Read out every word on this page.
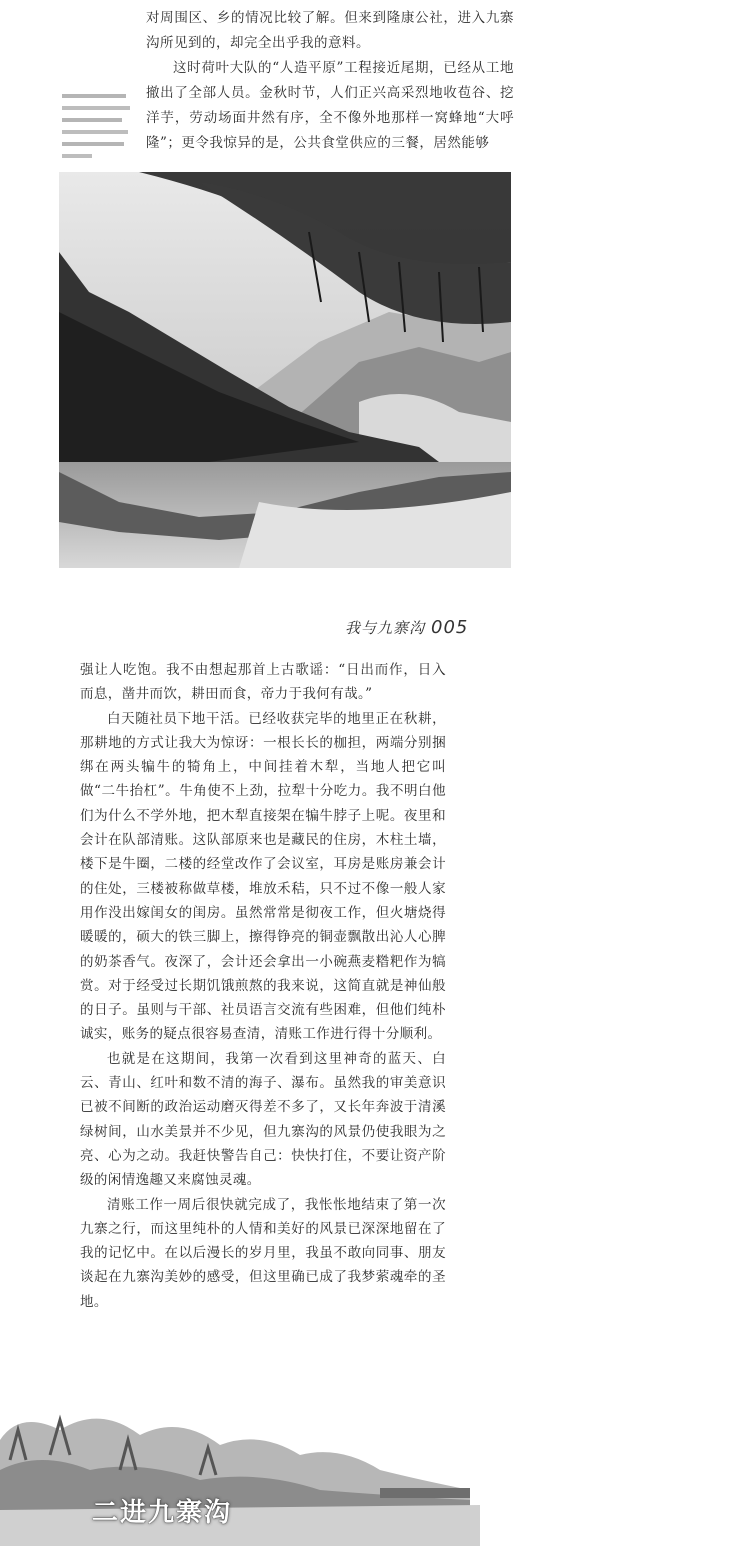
对周围区、乡的情况比较了解。但来到隆康公社，进入九寨沟所见到的，却完全出乎我的意料。

这时荷叶大队的“人造平原”工程接近尾期，已经从工地撤出了全部人员。金秋时节，人们正兴高采烈地收苞谷、挖洋芋，劳动场面井然有序，全不像外地那样一窝蜂地“大呼隆”；更令我惊异的是，公共食堂供应的三餐，居然能够

我与九寨沟 005

强让人吃饱。我不由想起那首上古歌谣：“日出而作，日入而息，凿井而饮，耕田而食，帝力于我何有哉。”

白天随社员下地干活。已经收获完毕的地里正在秋耕，那耕地的方式让我大为惊讶：一根长长的枷担，两端分别捆绑在两头犏牛的犄角上，中间挂着木犁，当地人把它叫做“二牛抬杠”。牛角使不上劲，拉犁十分吃力。我不明白他们为什么不学外地，把木犁直接架在犏牛脖子上呢。夜里和会计在队部清账。这队部原来也是藏民的住房，木柱土墙，楼下是牛圈，二楼的经堂改作了会议室，耳房是账房兼会计的住处，三楼被称做草楼，堆放禾秸，只不过不像一般人家用作没出嫁闺女的闺房。虽然常常是彻夜工作，但火塘烧得暖暖的，硕大的铁三脚上，擦得铮亮的铜壶飘散出沁人心脾的奶茶香气。夜深了，会计还会拿出一小碗燕麦糌粑作为犒赏。对于经受过长期饥饿煎熬的我来说，这简直就是神仙般的日子。虽则与干部、社员语言交流有些困难，但他们纯朴诚实，账务的疑点很容易查清，清账工作进行得十分顺利。

也就是在这期间，我第一次看到这里神奇的蓝天、白云、青山、红叶和数不清的海子、瀑布。虽然我的审美意识已被不间断的政治运动磨灭得差不多了，又长年奔波于清溪绿树间，山水美景并不少见，但九寨沟的风景仍使我眼为之亮、心为之动。我赶快警告自己：快快打住，不要让资产阶级的闲情逸趣又来腐蚀灵魂。

清账工作一周后很快就完成了，我怅怅地结束了第一次九寨之行，而这里纯朴的人情和美好的风景已深深地留在了我的记忆中。在以后漫长的岁月里，我虽不敢向同事、朋友谈起在九寨沟美妙的感受，但这里确已成了我梦萦魂牵的圣地。

二进九寨沟
